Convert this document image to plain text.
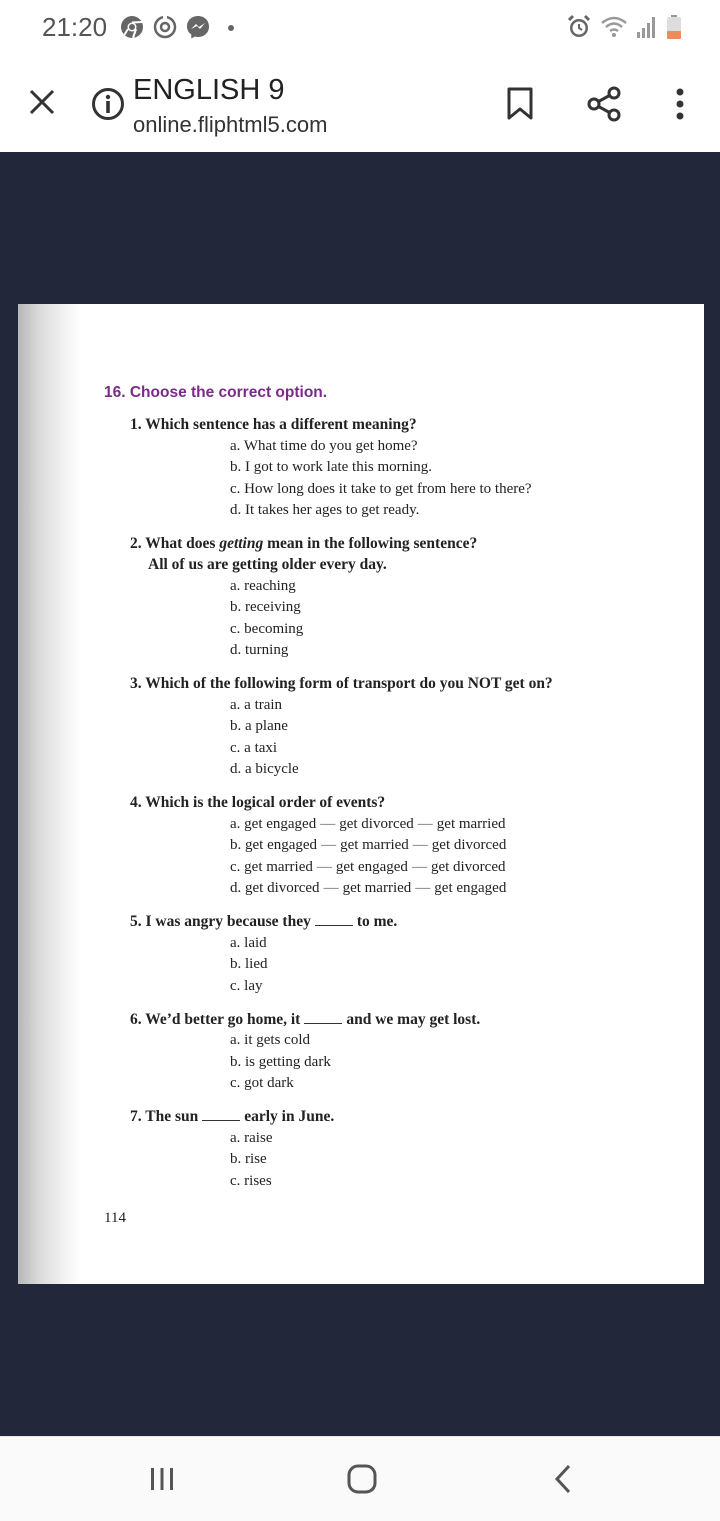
21:20
ENGLISH 9
online.fliphtml5.com
16. Choose the correct option.
1. Which sentence has a different meaning?
a. What time do you get home?
b. I got to work late this morning.
c. How long does it take to get from here to there?
d. It takes her ages to get ready.
2. What does getting mean in the following sentence?
All of us are getting older every day.
a. reaching
b. receiving
c. becoming
d. turning
3. Which of the following form of transport do you NOT get on?
a. a train
b. a plane
c. a taxi
d. a bicycle
4. Which is the logical order of events?
a. get engaged — get divorced — get married
b. get engaged — get married — get divorced
c. get married — get engaged — get divorced
d. get divorced — get married — get engaged
5. I was angry because they	to me.
a. laid
b. lied
c. lay
6. We’d better go home, it	and we may get lost.
a. it gets cold
b. is getting dark
c. got dark
7. The sun	early in June.
a. raise
b. rise
c. rises
114
